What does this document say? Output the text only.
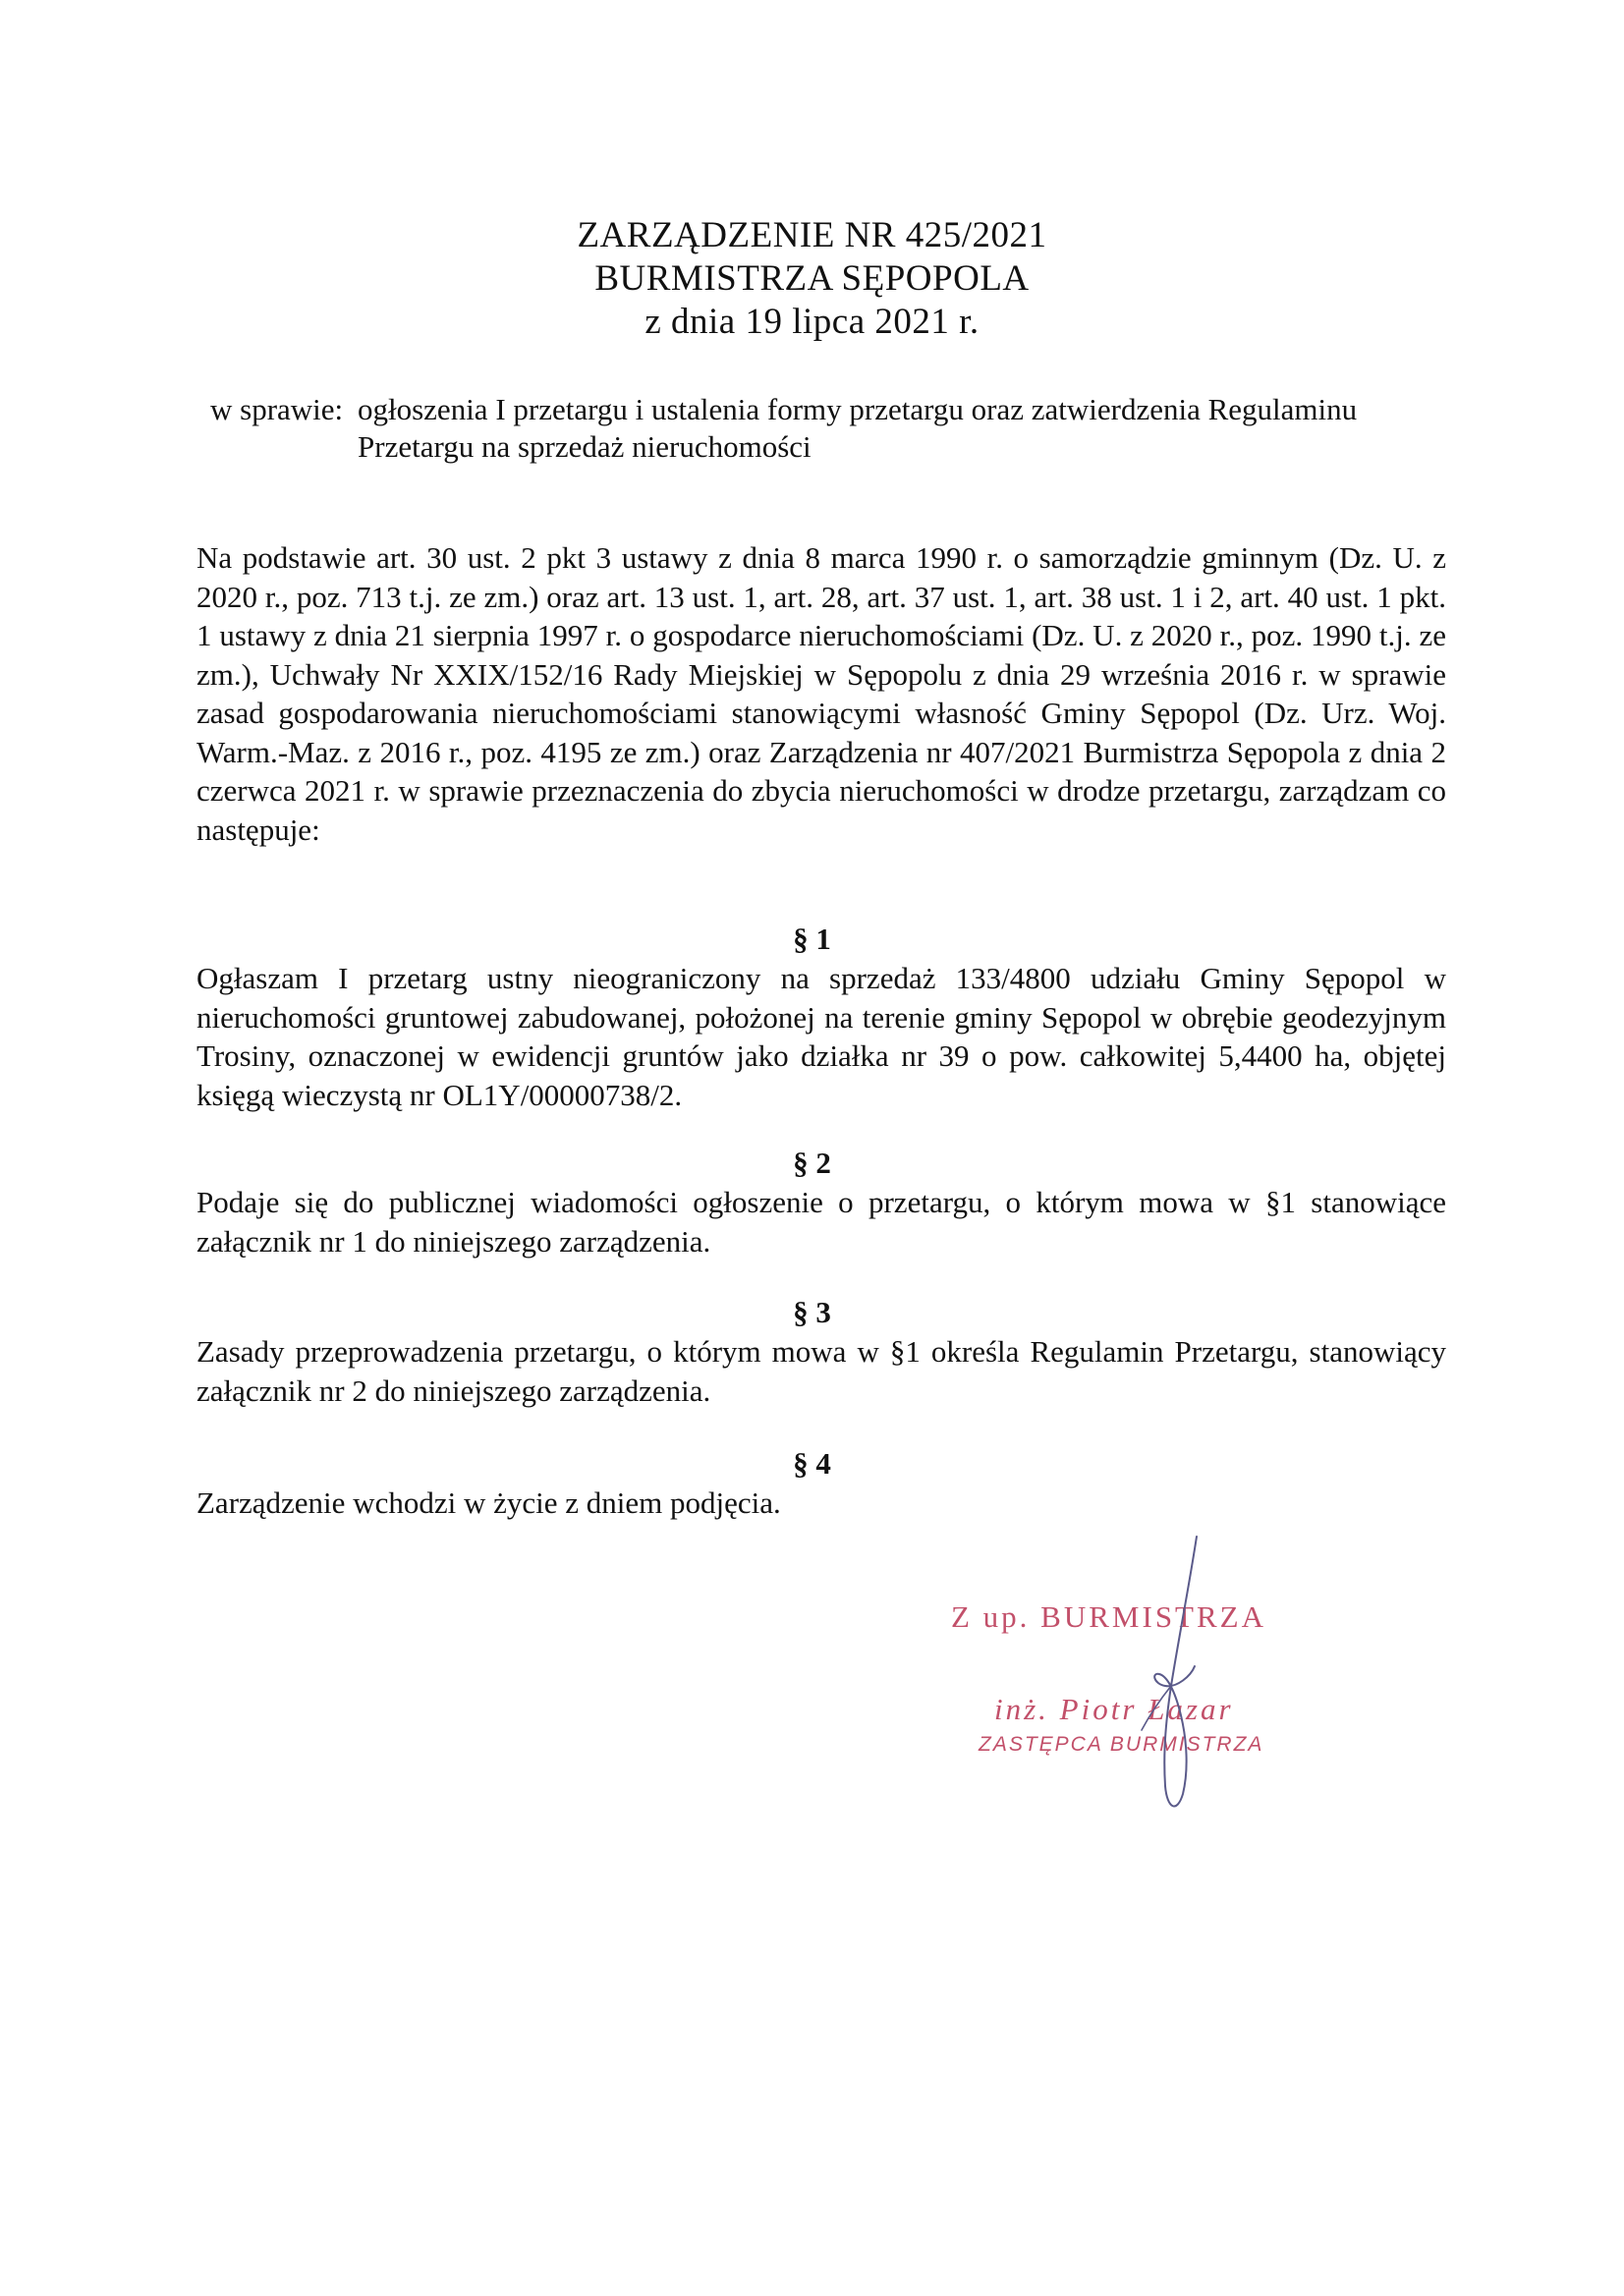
ZARZĄDZENIE NR 425/2021
BURMISTRZA SĘPOPOLA
z dnia 19 lipca 2021 r.
w sprawie: ogłoszenia I przetargu i ustalenia formy przetargu oraz zatwierdzenia Regulaminu
Przetargu na sprzedaż nieruchomości
Na podstawie art. 30 ust. 2 pkt 3 ustawy z dnia 8 marca 1990 r. o samorządzie gminnym (Dz. U. z 2020 r., poz. 713 t.j. ze zm.) oraz art. 13 ust. 1, art. 28, art. 37 ust. 1, art. 38 ust. 1 i 2, art. 40 ust. 1 pkt. 1 ustawy z dnia 21 sierpnia 1997 r. o gospodarce nieruchomościami (Dz. U. z 2020 r., poz. 1990 t.j. ze zm.), Uchwały Nr XXIX/152/16 Rady Miejskiej w Sępopolu z dnia 29 września 2016 r. w sprawie zasad gospodarowania nieruchomościami stanowiącymi własność Gminy Sępopol (Dz. Urz. Woj. Warm.-Maz. z 2016 r., poz. 4195 ze zm.) oraz Zarządzenia nr 407/2021 Burmistrza Sępopola z dnia 2 czerwca 2021 r. w sprawie przeznaczenia do zbycia nieruchomości w drodze przetargu, zarządzam co następuje:
§ 1
Ogłaszam I przetarg ustny nieograniczony na sprzedaż 133/4800 udziału Gminy Sępopol w nieruchomości gruntowej zabudowanej, położonej na terenie gminy Sępopol w obrębie geodezyjnym Trosiny, oznaczonej w ewidencji gruntów jako działka nr 39 o pow. całkowitej 5,4400 ha, objętej księgą wieczystą nr OL1Y/00000738/2.
§ 2
Podaje się do publicznej wiadomości ogłoszenie o przetargu, o którym mowa w §1 stanowiące załącznik nr 1 do niniejszego zarządzenia.
§ 3
Zasady przeprowadzenia przetargu, o którym mowa w §1 określa Regulamin Przetargu, stanowiący załącznik nr 2 do niniejszego zarządzenia.
§ 4
Zarządzenie wchodzi w życie z dniem podjęcia.
Z up. BURMISTRZA
inż. Piotr Łazar
ZASTĘPCA BURMISTRZA
